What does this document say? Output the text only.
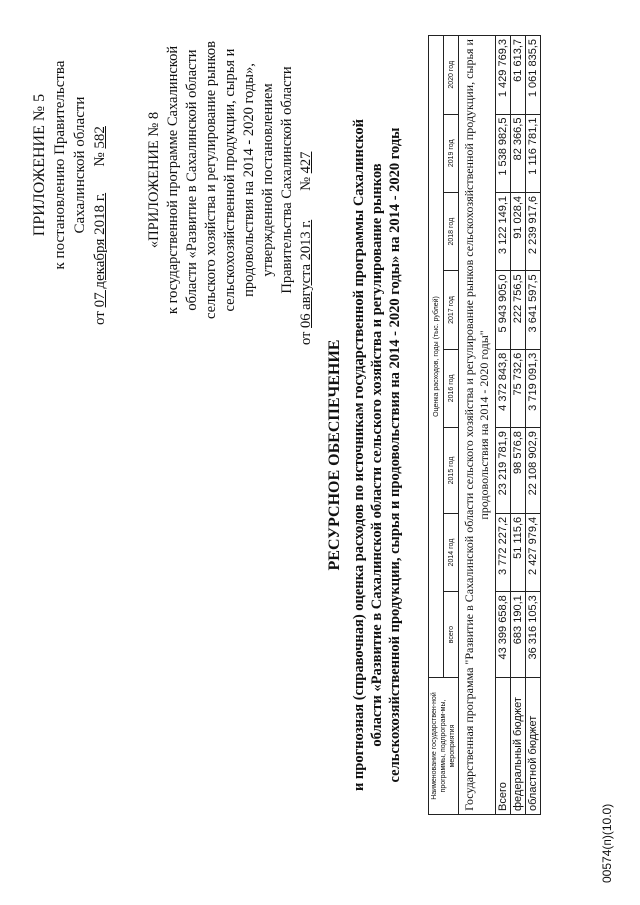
ПРИЛОЖЕНИЕ № 5 к постановлению Правительства Сахалинской области
от 07 декабря 2018 г.       № 582	«ПРИЛОЖЕНИЕ № 8 к государственной программе Сахалинской области «Развитие в Сахалинской области сельского хозяйства и регулирование рынков сельскохозяйственной продукции, сырья и продовольствия на 2014 - 2020 годы», утвержденной постановлением Правительства Сахалинской области
от 06 августа 2013 г.        № 427
РЕСУРСНОЕ ОБЕСПЕЧЕНИЕ и прогнозная (справочная) оценка расходов по источникам государственной программы Сахалинской области «Развитие в Сахалинской области сельского хозяйства и регулирование рынков сельскохозяйственной продукции, сырья и продовольствия на 2014 - 2020 годы» на 2014 - 2020 годы	Наименование государствен-ной программы, подпрограм-мы, мероприятия	Оценка расходов, годы (тыс. рублей)							
	всего	2014 год	2015 год	2016 год	2017 год	2018 год	2019 год	2020 год
Государственная программа "Развитие в Сахалинской области сельского хозяйства и регулирование рынков сельскохозяйственной продукции, сырья и продовольствия на 2014 - 2020 годы"								
Всего	43 399 658,8	3 772 227,2	23 219 781,9	4 372 843,8	5 943 905,0	3 122 149,1	1 538 982,5	1 429 769,3
федеральный бюджет	683 190,1	51 115,6	98 576,8	75 732,6	222 756,5	91 028,4	82 366,5	61 613,7
областной бюджет	36 316 105,3	2 427 979,4	22 108 902,9	3 719 091,3	3 641 597,5	2 239 917,6	1 116 781,1	1 061 835,5
00574(п)(10.0)
